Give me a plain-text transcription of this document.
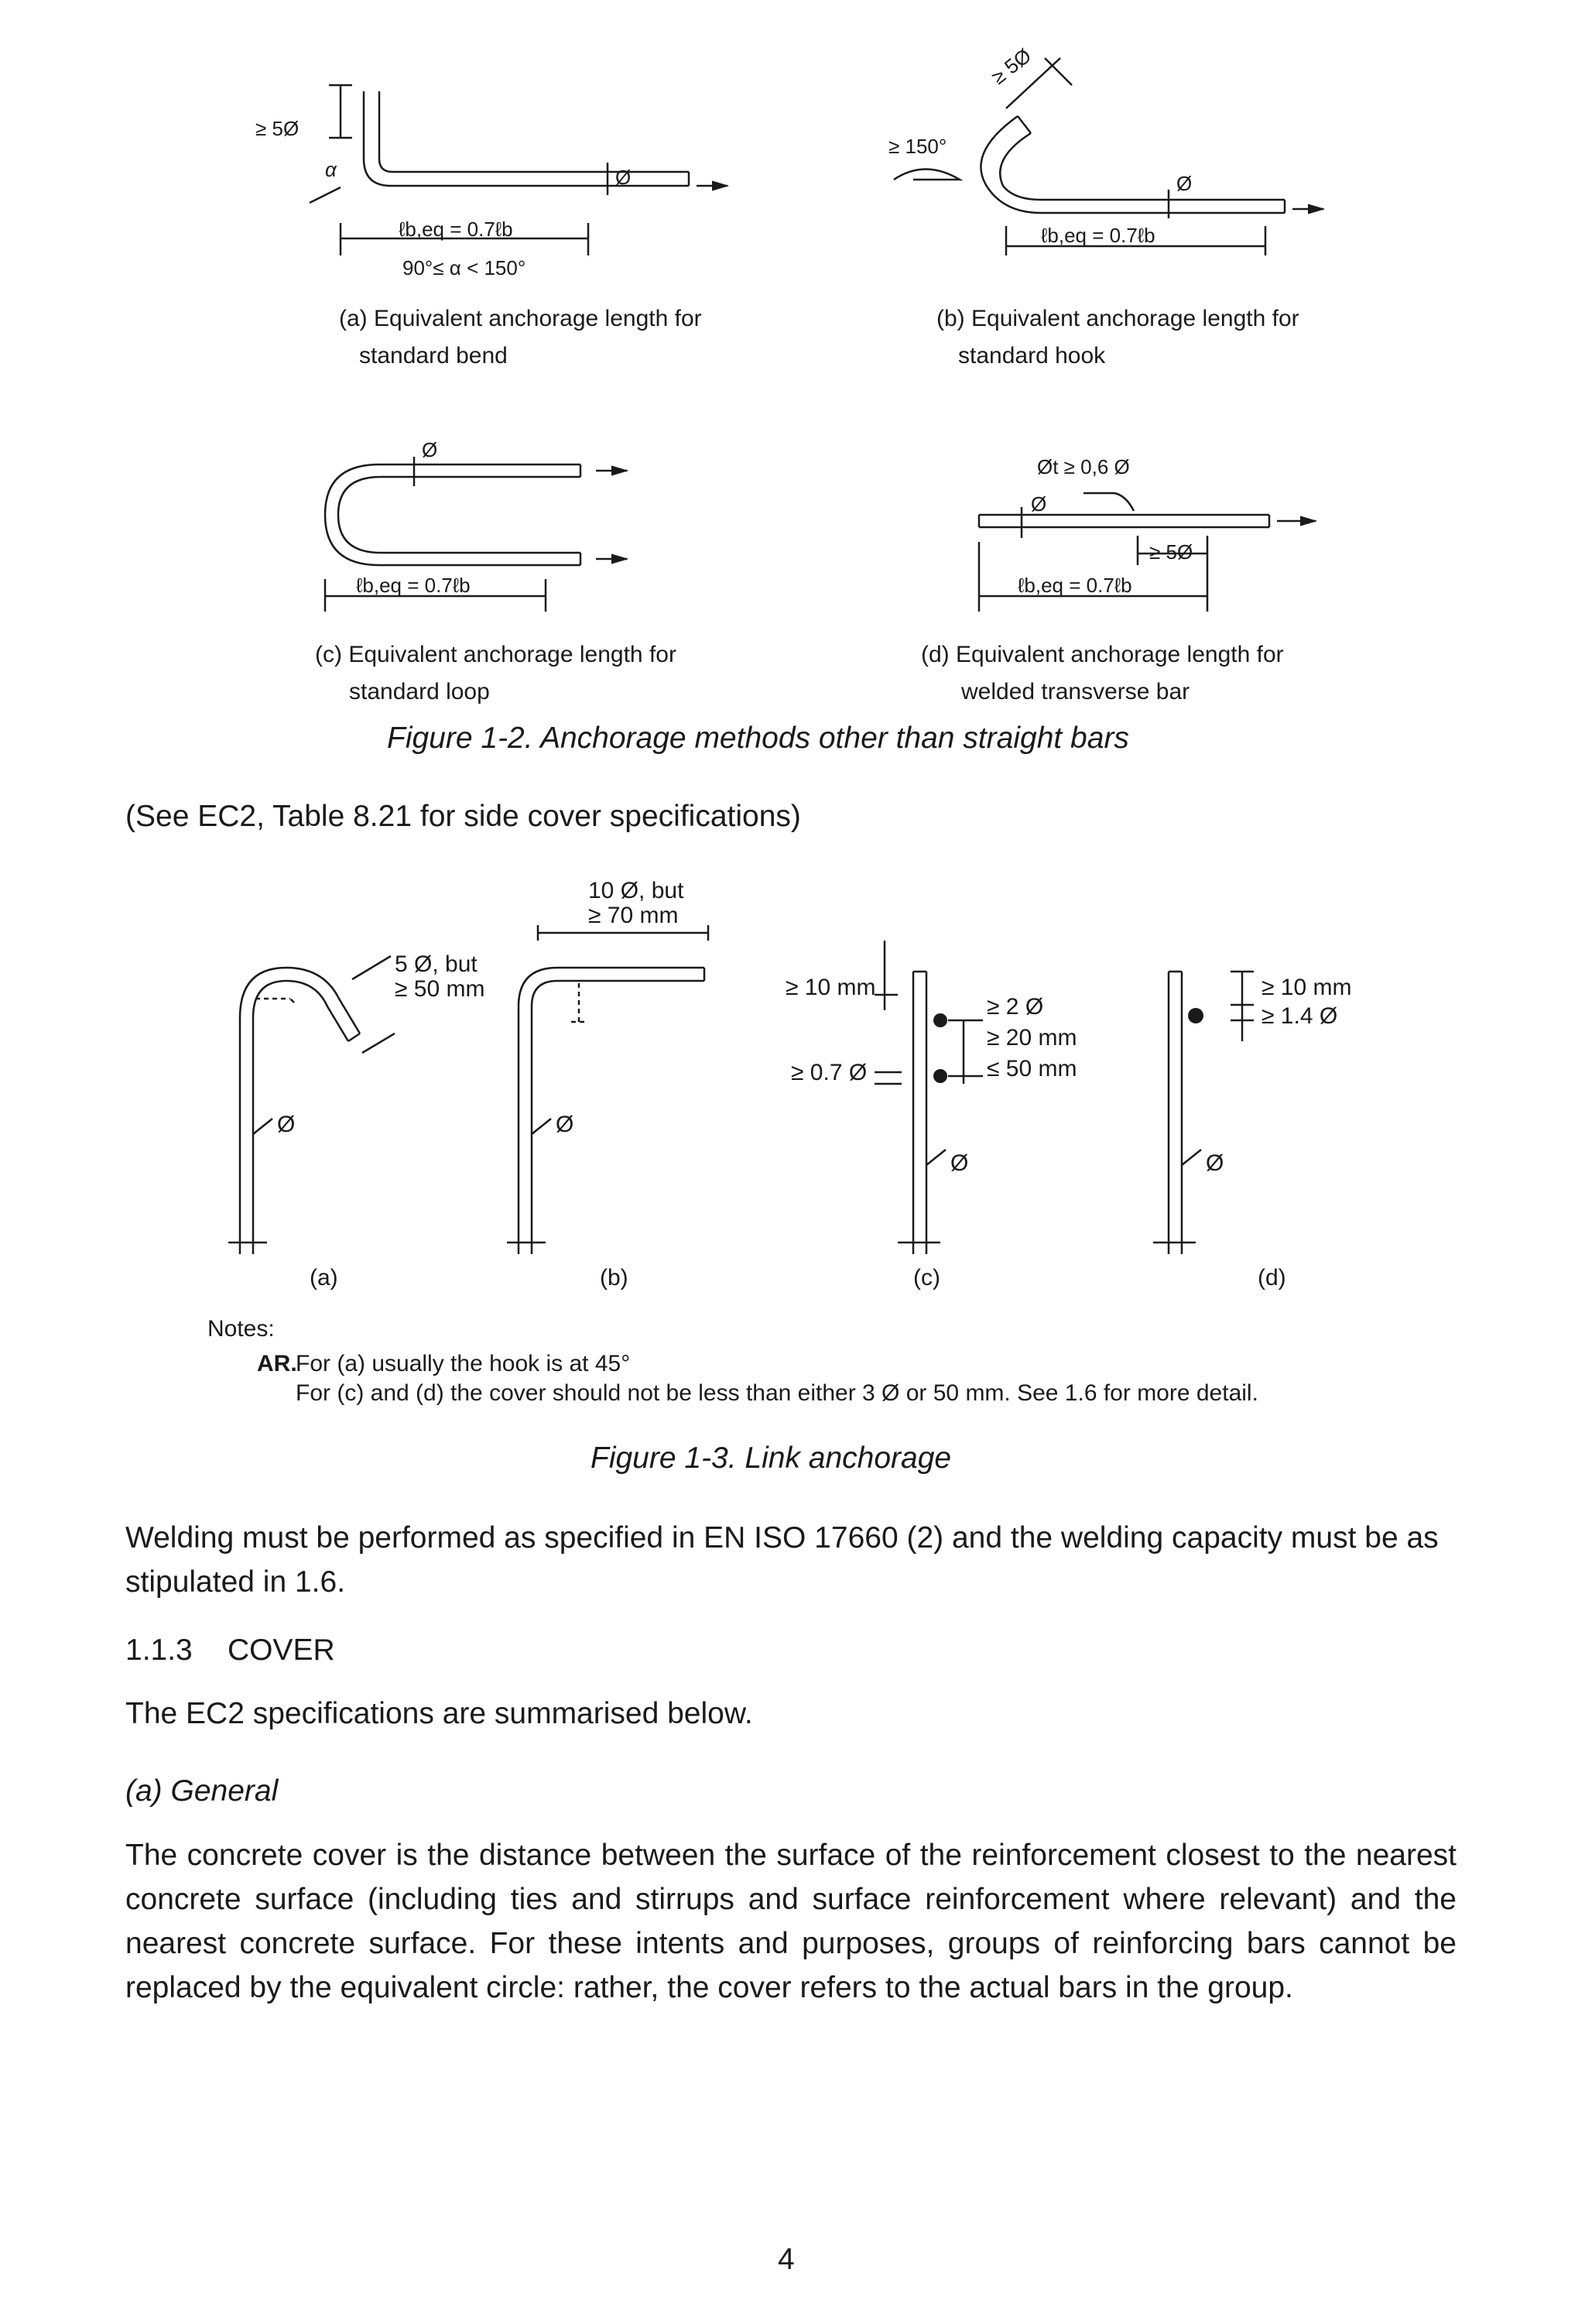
≥ 5Ø
α	Ø
ℓb,eq = 0.7ℓb
90°≤ α < 150°
≥ 150°
≥ 5Ø
Ø
ℓb,eq = 0.7ℓb
Ø
ℓb,eq = 0.7ℓb
Øt ≥ 0,6 Ø
Ø
≥ 5Ø
ℓb,eq = 0.7ℓb
5 Ø, but
≥ 50 mm
Ø
(a)
10 Ø, but
≥ 70 mm
Ø
(b)
≥ 10 mm
≥ 0.7 Ø
≥ 2 Ø
≥ 20 mm
≤ 50 mm
Ø
(c)
≥ 10 mm
≥ 1.4 Ø
Ø
(d)
(a) Equivalent anchorage length for
standard bend
(b) Equivalent anchorage length for
standard hook
(c) Equivalent anchorage length for
standard loop
(d) Equivalent anchorage length for
welded transverse bar
Figure 1-2. Anchorage methods other than straight bars
(See EC2, Table 8.21 for side cover specifications)
Notes:
AR.
For (a) usually the hook is at 45°
For (c) and (d) the cover should not be less than either 3 Ø or 50 mm. See 1.6 for more detail.
Figure 1-3. Link anchorage
Welding must be performed as specified in EN ISO 17660 (2) and the welding capacity must be as stipulated in 1.6.
1.1.3	COVER
The EC2 specifications are summarised below.
(a) General
The concrete cover is the distance between the surface of the reinforcement closest to the nearest concrete surface (including ties and stirrups and surface reinforcement where relevant) and the nearest concrete surface. For these intents and purposes, groups of reinforcing bars cannot be replaced by the equivalent circle: rather, the cover refers to the actual bars in the group.
4
